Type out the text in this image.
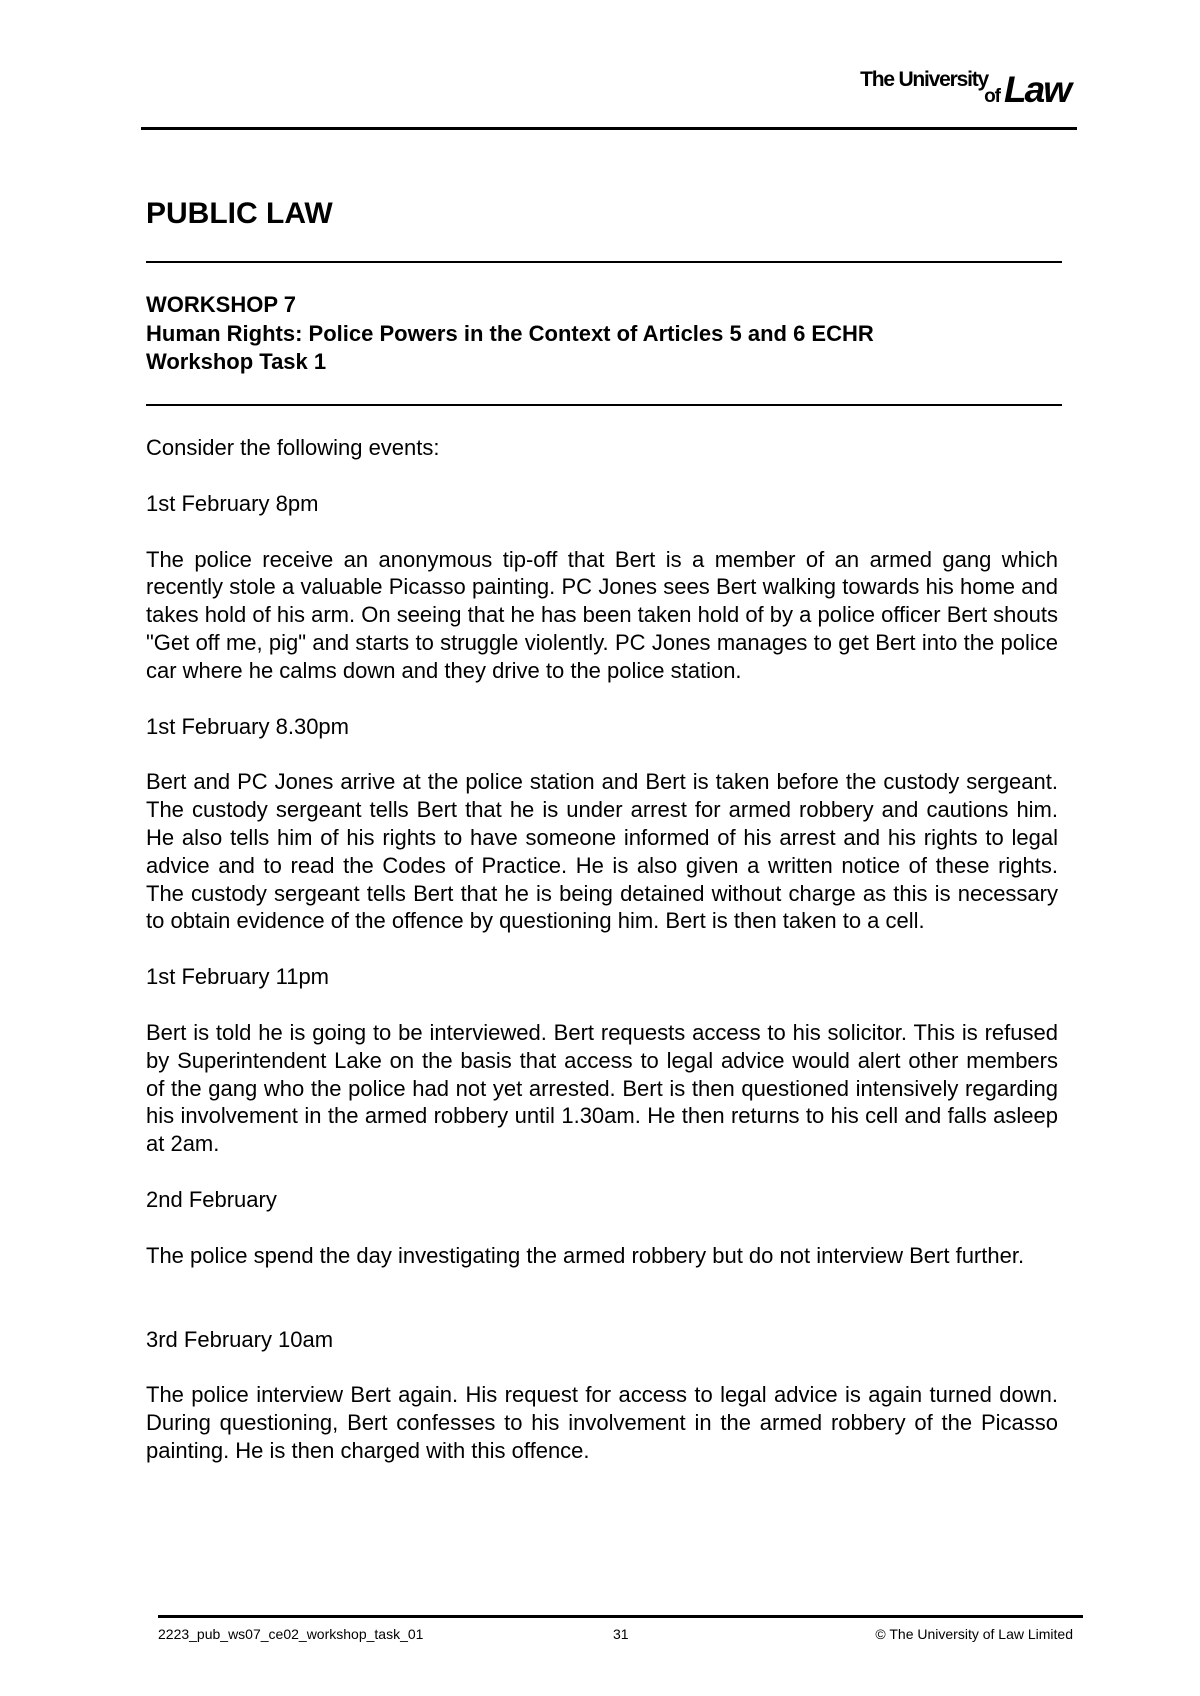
The University
of Law
PUBLIC LAW
WORKSHOP 7
Human Rights: Police Powers in the Context of Articles 5 and 6 ECHR
Workshop Task 1

Consider the following events:

1st February 8pm

The police receive an anonymous tip-off that Bert is a member of an armed gang which recently stole a valuable Picasso painting. PC Jones sees Bert walking towards his home and takes hold of his arm. On seeing that he has been taken hold of by a police officer Bert shouts "Get off me, pig" and starts to struggle violently. PC Jones manages to get Bert into the police car where he calms down and they drive to the police station.

1st February 8.30pm

Bert and PC Jones arrive at the police station and Bert is taken before the custody sergeant. The custody sergeant tells Bert that he is under arrest for armed robbery and cautions him. He also tells him of his rights to have someone informed of his arrest and his rights to legal advice and to read the Codes of Practice. He is also given a written notice of these rights. The custody sergeant tells Bert that he is being detained without charge as this is necessary to obtain evidence of the offence by questioning him. Bert is then taken to a cell.

1st February 11pm

Bert is told he is going to be interviewed. Bert requests access to his solicitor. This is refused by Superintendent Lake on the basis that access to legal advice would alert other members of the gang who the police had not yet arrested. Bert is then questioned intensively regarding his involvement in the armed robbery until 1.30am. He then returns to his cell and falls asleep at 2am.

2nd February

The police spend the day investigating the armed robbery but do not interview Bert further.

3rd February 10am

The police interview Bert again. His request for access to legal advice is again turned down. During questioning, Bert confesses to his involvement in the armed robbery of the Picasso painting. He is then charged with this offence.

2223_pub_ws07_ce02_workshop_task_01	31	© The University of Law Limited
